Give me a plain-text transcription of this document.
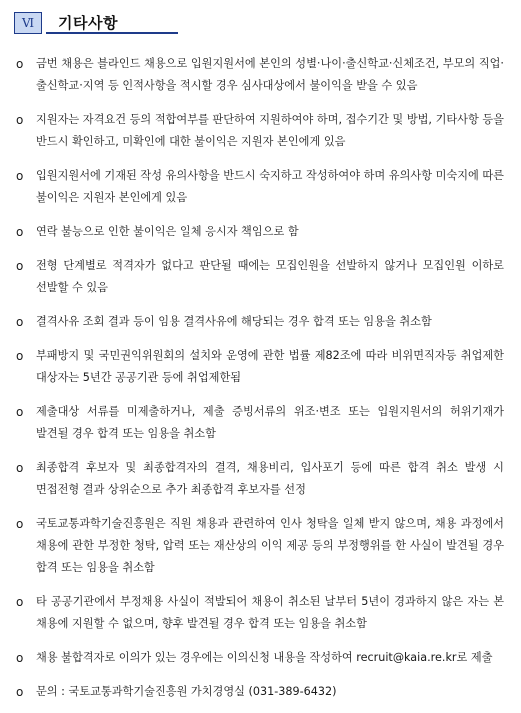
Ⅵ	기타사항
o	금번 채용은 블라인드 채용으로 입원지원서에 본인의 성별·나이·출신학교·신체조건, 부모의 직업·출신학교·지역 등 인적사항을 적시할 경우 심사대상에서 불이익을 받을 수 있음
o	지원자는 자격요건 등의 적합여부를 판단하여 지원하여야 하며, 접수기간 및 방법, 기타사항 등을 반드시 확인하고, 미확인에 대한 불이익은 지원자 본인에게 있음
o	입원지원서에 기재된 작성 유의사항을 반드시 숙지하고 작성하여야 하며 유의사항 미숙지에 따른 불이익은 지원자 본인에게 있음
o	연락 불능으로 인한 불이익은 일체 응시자 책임으로 함
o	전형 단계별로 적격자가 없다고 판단될 때에는 모집인원을 선발하지 않거나 모집인원 이하로 선발할 수 있음
o	결격사유 조회 결과 등이 임용 결격사유에 해당되는 경우 합격 또는 임용을 취소함
o	부패방지 및 국민권익위원회의 설치와 운영에 관한 법률 제82조에 따라 비위면직자등 취업제한 대상자는 5년간 공공기관 등에 취업제한됨
o	제출대상 서류를 미제출하거나, 제출 증빙서류의 위조·변조 또는 입원지원서의 허위기재가 발견될 경우 합격 또는 임용을 취소함
o	최종합격 후보자 및 최종합격자의 결격, 채용비리, 입사포기 등에 따른 합격 취소 발생 시 면접전형 결과 상위순으로 추가 최종합격 후보자를 선정
o	국토교통과학기술진흥원은 직원 채용과 관련하여 인사 청탁을 일체 받지 않으며, 채용 과정에서 채용에 관한 부정한 청탁, 압력 또는 재산상의 이익 제공 등의 부정행위를 한 사실이 발견될 경우 합격 또는 임용을 취소함
o	타 공공기관에서 부정채용 사실이 적발되어 채용이 취소된 날부터 5년이 경과하지 않은 자는 본 채용에 지원할 수 없으며, 향후 발견될 경우 합격 또는 임용을 취소함
o	채용 불합격자로 이의가 있는 경우에는 이의신청 내용을 작성하여 recruit@kaia.re.kr로 제출
o	문의 : 국토교통과학기술진흥원 가치경영실 (031-389-6432)
